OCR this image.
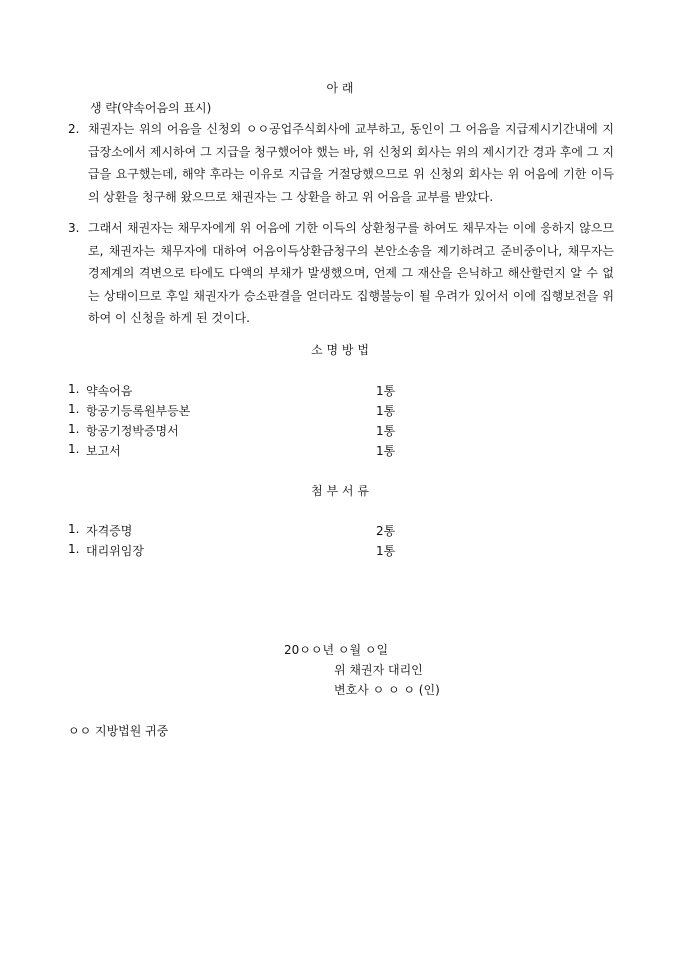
아 래
생 략(약속어음의 표시)
2. 채권자는 위의 어음을 신청외 ㅇㅇ공업주식회사에 교부하고, 동인이 그 어음을 지급제시기간내에 지급장소에서 제시하여 그 지급을 청구했어야 했는 바, 위 신청외 회사는 위의 제시기간 경과 후에 그 지급을 요구했는데, 해약 후라는 이유로 지급을 거절당했으므로 위 신청외 회사는 위 어음에 기한 이득의 상환을 청구해 왔으므로 채권자는 그 상환을 하고 위 어음을 교부를 받았다.
3. 그래서 채권자는 채무자에게 위 어음에 기한 이득의 상환청구를 하여도 채무자는 이에 응하지 않으므로, 채권자는 채무자에 대하여 어음이득상환금청구의 본안소송을 제기하려고 준비중이나, 채무자는 경제계의 격변으로 타에도 다액의 부채가 발생했으며, 언제 그 재산을 은닉하고 해산할런지 알 수 없는 상태이므로 후일 채권자가 승소판결을 얻더라도 집행불능이 될 우려가 있어서 이에 집행보전을 위하여 이 신청을 하게 된 것이다.
소 명 방 법
1. 약속어음	1통
1. 항공기등록원부등본	1통
1. 항공기정박증명서	1통
1. 보고서	1통
첨 부 서 류
1. 자격증명	2통
1. 대리위임장	1통
20ㅇㅇ년 ㅇ월 ㅇ일
위 채권자 대리인
변호사 ㅇ ㅇ ㅇ (인)
ㅇㅇ 지방법원 귀중
